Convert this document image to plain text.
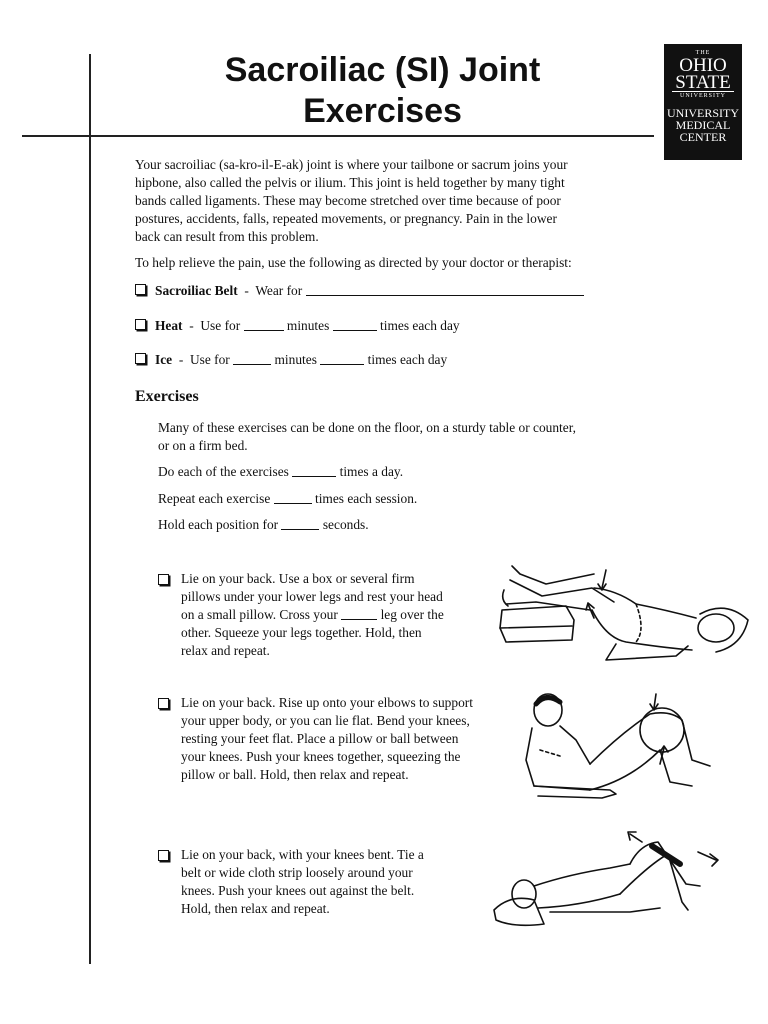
Sacroiliac (SI) Joint
Exercises
THE
OHIO
STATE
UNIVERSITY
UNIVERSITY
MEDICAL
CENTER
Your sacroiliac (sa-kro-il-E-ak) joint is where your tailbone or sacrum joins your
hipbone, also called the pelvis or ilium. This joint is held together by many tight
bands called ligaments. These may become stretched over time because of poor
postures, accidents, falls, repeated movements, or pregnancy. Pain in the lower
back can result from this problem.
To help relieve the pain, use the following as directed by your doctor or therapist:
Sacroiliac Belt - Wear for
Heat - Use for	minutes	times each day
Ice - Use for	minutes	times each day
Exercises
Many of these exercises can be done on the floor, on a sturdy table or counter,
or on a firm bed.
Do each of the exercises	times a day.
Repeat each exercise	times each session.
Hold each position for	seconds.
Lie on your back. Use a box or several firm
pillows under your lower legs and rest your head
on a small pillow. Cross your	leg over the
other. Squeeze your legs together. Hold, then
relax and repeat.
Lie on your back. Rise up onto your elbows to support
your upper body, or you can lie flat. Bend your knees,
resting your feet flat. Place a pillow or ball between
your knees. Push your knees together, squeezing the
pillow or ball. Hold, then relax and repeat.
Lie on your back, with your knees bent. Tie a
belt or wide cloth strip loosely around your
knees. Push your knees out against the belt.
Hold, then relax and repeat.
